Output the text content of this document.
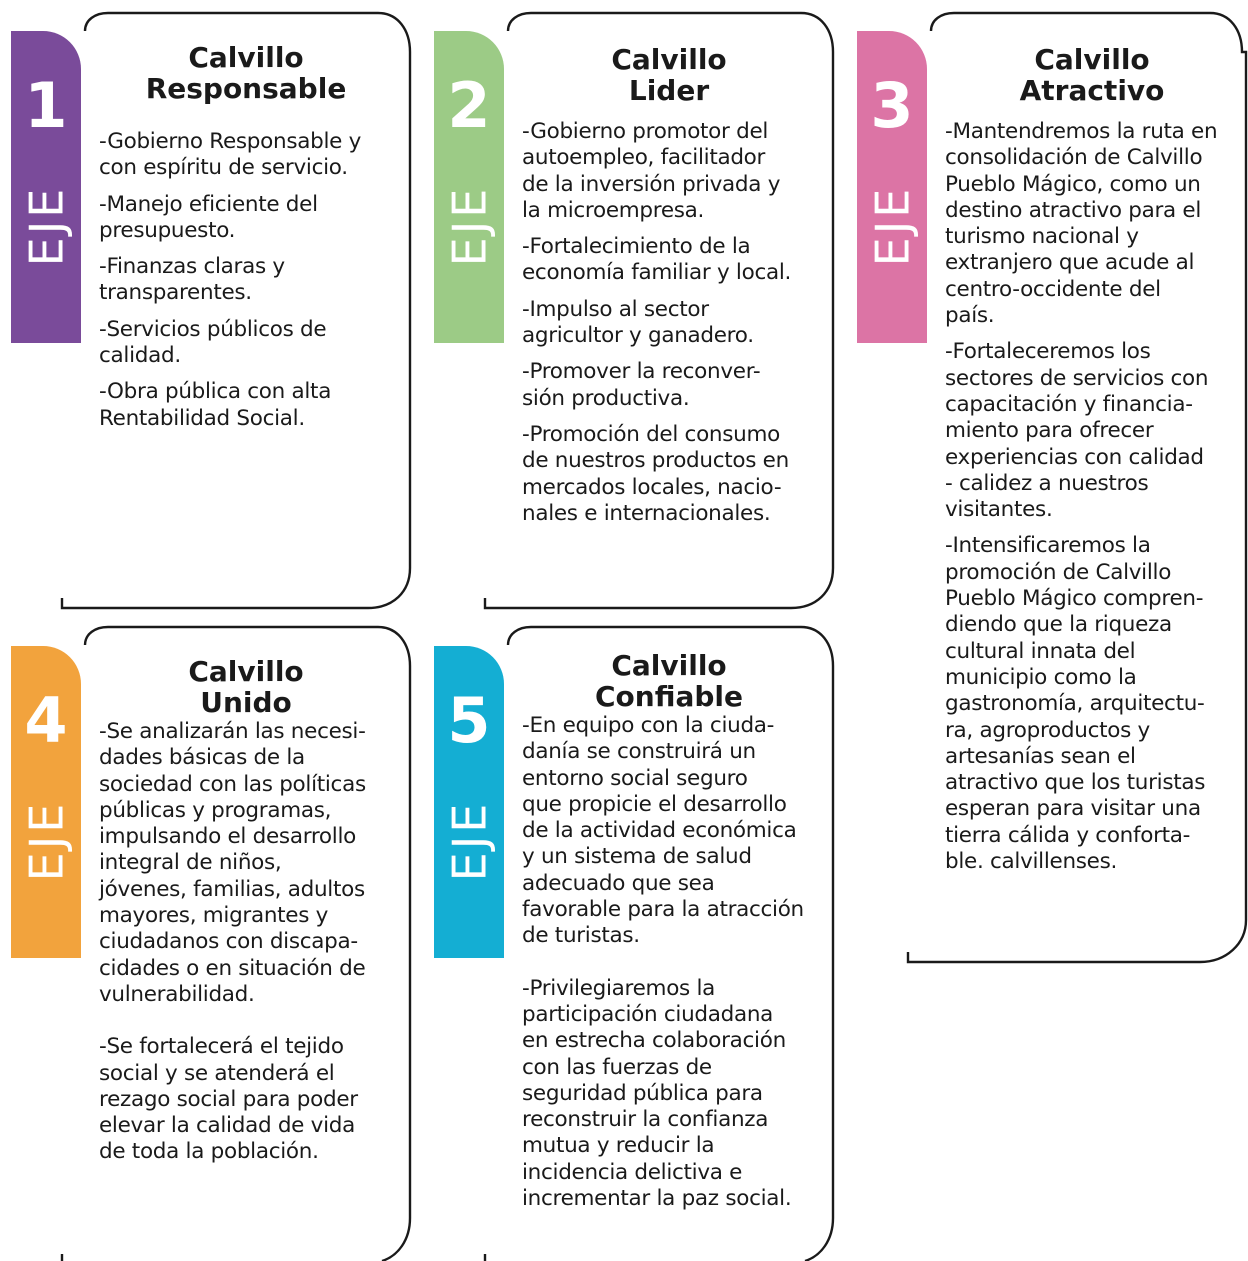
1
EJE
Calvillo
Responsable

-Gobierno Responsable y
con espíritu de servicio.

-Manejo eficiente del
presupuesto.

-Finanzas claras y
transparentes.

-Servicios públicos de
calidad.

-Obra pública con alta
Rentabilidad Social.

2
EJE
Calvillo
Lider

-Gobierno promotor del
autoempleo, facilitador
de la inversión privada y
la microempresa.

-Fortalecimiento de la
economía familiar y local.

-Impulso al sector
agricultor y ganadero.

-Promover la reconver-
sión productiva.

-Promoción del consumo
de nuestros productos en
mercados locales, nacio-
nales e internacionales.

3
EJE
Calvillo
Atractivo

-Mantendremos la ruta en
consolidación de Calvillo
Pueblo Mágico, como un
destino atractivo para el
turismo nacional y
extranjero que acude al
centro-occidente del
país.

-Fortaleceremos los
sectores de servicios con
capacitación y financia-
miento para ofrecer
experiencias con calidad
- calidez a nuestros
visitantes.

-Intensificaremos la
promoción de Calvillo
Pueblo Mágico compren-
diendo que la riqueza
cultural innata del
municipio como la
gastronomía, arquitectu-
ra, agroproductos y
artesanías sean el
atractivo que los turistas
esperan para visitar una
tierra cálida y conforta-
ble. calvillenses.

4
EJE
Calvillo
Unido

-Se analizarán las necesi-
dades básicas de la
sociedad con las políticas
públicas y programas,
impulsando el desarrollo
integral de niños,
jóvenes, familias, adultos
mayores, migrantes y
ciudadanos con discapa-
cidades o en situación de
vulnerabilidad.

-Se fortalecerá el tejido
social y se atenderá el
rezago social para poder
elevar la calidad de vida
de toda la población.

5
EJE
Calvillo
Confiable

-En equipo con la ciuda-
danía se construirá un
entorno social seguro
que propicie el desarrollo
de la actividad económica
y un sistema de salud
adecuado que sea
favorable para la atracción
de turistas.

-Privilegiaremos la
participación ciudadana
en estrecha colaboración
con las fuerzas de
seguridad pública para
reconstruir la confianza
mutua y reducir la
incidencia delictiva e
incrementar la paz social.
